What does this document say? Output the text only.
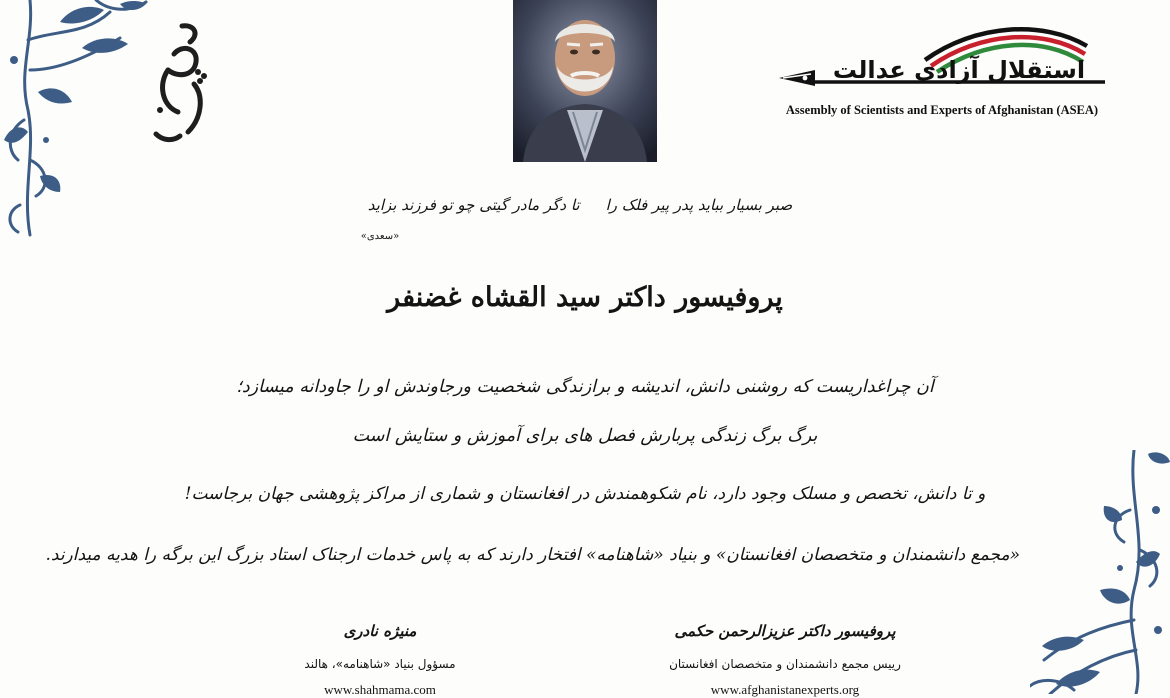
استقلال آزادی عدالت
Assembly of Scientists and Experts of Afghanistan (ASEA)
صبر بسیار بباید پدر پیر فلک راتا دگر مادر گیتی چو تو فرزند بزاید
«سعدی»
پروفیسور داکتر سید القشاه غضنفر
آن چراغداریست که روشنی دانش، اندیشه و برازندگی شخصیت ورجاوندش او را جاودانه میسازد؛
برگ برگ زندگی پربارش فصل های برای آموزش و ستایش است
و تا دانش، تخصص و مسلک وجود دارد، نام شکوهمندش در افغانستان و شماری از مراکز پژوهشی جهان برجاست!
«مجمع دانشمندان و متخصصان افغانستان» و بنیاد «شاهنامه» افتخار دارند که به پاس خدمات ارجناک استاد بزرگ این برگه را هدیه میدارند.
منیژه نادری
مسؤول بنیاد «شاهنامه»، هالند
www.shahmama.com
پروفیسور داکتر عزیزالرحمن حکمی
رییس مجمع دانشمندان و متخصصان افغانستان
www.afghanistanexperts.org
